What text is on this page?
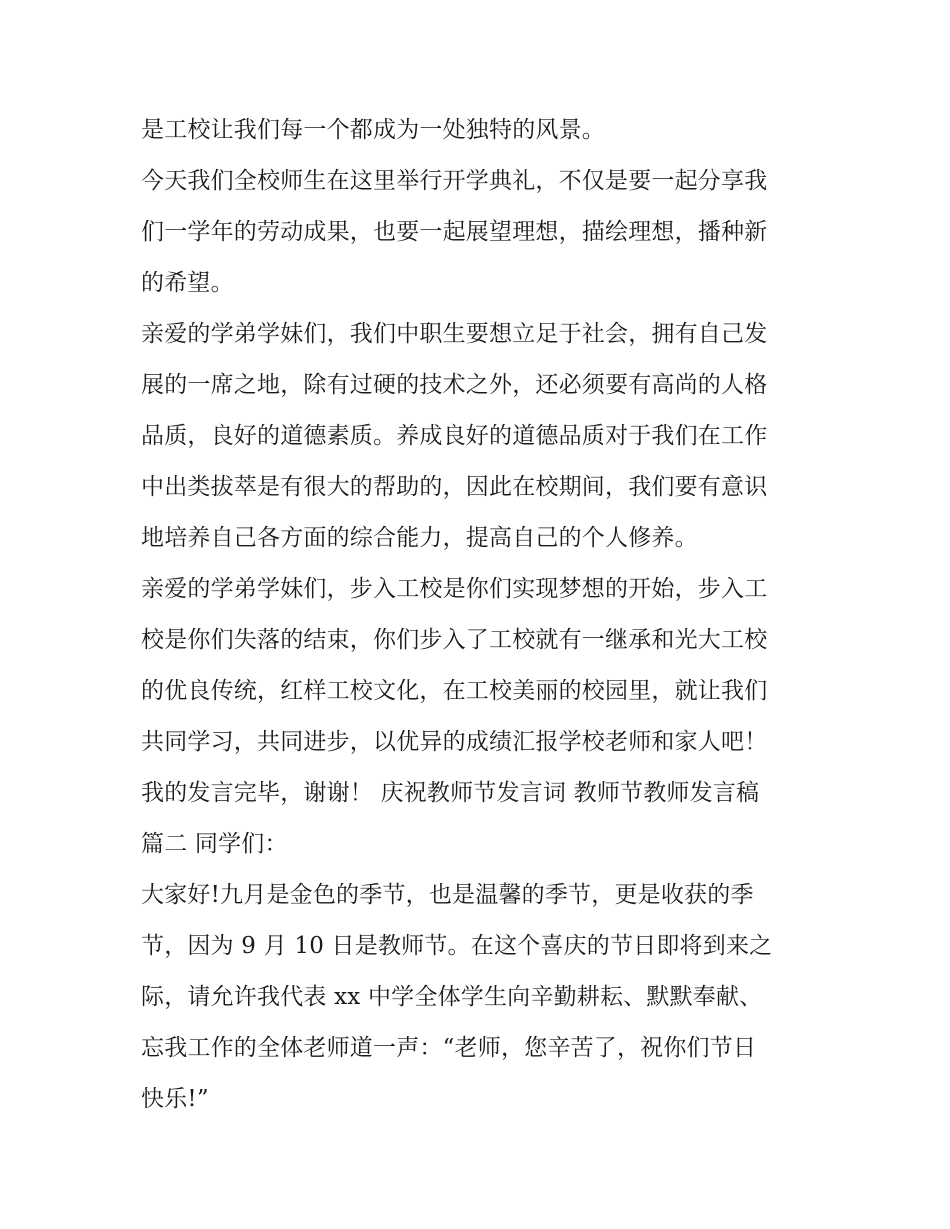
是工校让我们每一个都成为一处独特的风景。
今天我们全校师生在这里举行开学典礼，不仅是要一起分享我
们一学年的劳动成果，也要一起展望理想，描绘理想，播种新
的希望。
亲爱的学弟学妹们，我们中职生要想立足于社会，拥有自己发
展的一席之地，除有过硬的技术之外，还必须要有高尚的人格
品质，良好的道德素质。养成良好的道德品质对于我们在工作
中出类拔萃是有很大的帮助的，因此在校期间，我们要有意识
地培养自己各方面的综合能力，提高自己的个人修养。
亲爱的学弟学妹们，步入工校是你们实现梦想的开始，步入工
校是你们失落的结束，你们步入了工校就有一继承和光大工校
的优良传统，红样工校文化，在工校美丽的校园里，就让我们
共同学习，共同进步，以优异的成绩汇报学校老师和家人吧！
我的发言完毕，谢谢！ 庆祝教师节发言词 教师节教师发言稿
篇二 同学们：
大家好!九月是金色的季节，也是温馨的季节，更是收获的季
节，因为 9 月 10 日是教师节。在这个喜庆的节日即将到来之
际，请允许我代表 xx 中学全体学生向辛勤耕耘、默默奉献、
忘我工作的全体老师道一声：“老师，您辛苦了，祝你们节日
快乐!”
